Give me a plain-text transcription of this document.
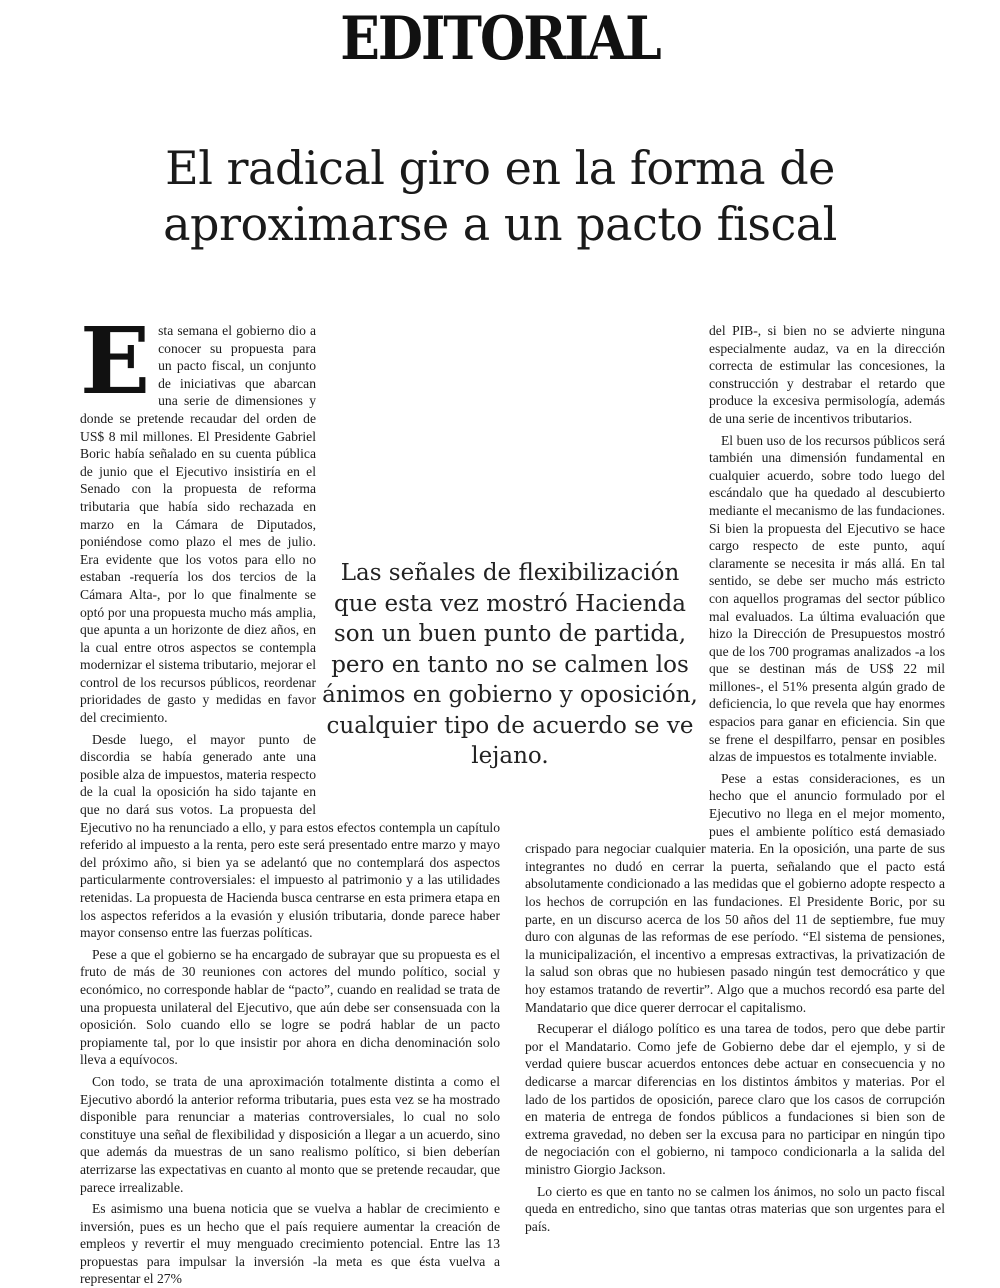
EDITORIAL
El radical giro en la forma de
aproximarse a un pacto fiscal
E sta semana el gobierno dio a conocer su propuesta para un pacto fiscal, un conjunto de iniciativas que abarcan una serie de dimensiones y donde se pretende recaudar del orden de US$ 8 mil millones. El Presidente Gabriel Boric había señalado en su cuenta pública de junio que el Ejecutivo insistiría en el Senado con la propuesta de reforma tributaria que había sido rechazada en marzo en la Cámara de Diputados, poniéndose como plazo el mes de julio. Era evidente que los votos para ello no estaban -requería los dos tercios de la Cámara Alta-, por lo que finalmente se optó por una propuesta mucho más amplia, que apunta a un horizonte de diez años, en la cual entre otros aspectos se contempla modernizar el sistema tributario, mejorar el control de los recursos públicos, reordenar prioridades de gasto y medidas en favor del crecimiento.

Desde luego, el mayor punto de discordia se había generado ante una posible alza de impuestos, materia respecto de la cual la oposición ha sido tajante en que no dará sus votos. La propuesta del Ejecutivo no ha renunciado a ello, y para estos efectos contempla un capítulo referido al impuesto a la renta, pero este será presentado entre marzo y mayo del próximo año, si bien ya se adelantó que no contemplará dos aspectos particularmente controversiales: el impuesto al patrimonio y a las utilidades retenidas. La propuesta de Hacienda busca centrarse en esta primera etapa en los aspectos referidos a la evasión y elusión tributaria, donde parece haber mayor consenso entre las fuerzas políticas.

Pese a que el gobierno se ha encargado de subrayar que su propuesta es el fruto de más de 30 reuniones con actores del mundo político, social y económico, no corresponde hablar de “pacto”, cuando en realidad se trata de una propuesta unilateral del Ejecutivo, que aún debe ser consensuada con la oposición. Solo cuando ello se logre se podrá hablar de un pacto propiamente tal, por lo que insistir por ahora en dicha denominación solo lleva a equívocos.

Con todo, se trata de una aproximación totalmente distinta a como el Ejecutivo abordó la anterior reforma tributaria, pues esta vez se ha mostrado disponible para renunciar a materias controversiales, lo cual no solo constituye una señal de flexibilidad y disposición a llegar a un acuerdo, sino que además da muestras de un sano realismo político, si bien deberían aterrizarse las expectativas en cuanto al monto que se pretende recaudar, que parece irrealizable.

Es asimismo una buena noticia que se vuelva a hablar de crecimiento e inversión, pues es un hecho que el país requiere aumentar la creación de empleos y revertir el muy menguado crecimiento potencial. Entre las 13 propuestas para impulsar la inversión -la meta es que ésta vuelva a representar el 27%

del PIB-, si bien no se advierte ninguna especialmente audaz, va en la dirección correcta de estimular las concesiones, la construcción y destrabar el retardo que produce la excesiva permisología, además de una serie de incentivos tributarios.

El buen uso de los recursos públicos será también una dimensión fundamental en cualquier acuerdo, sobre todo luego del escándalo que ha quedado al descubierto mediante el mecanismo de las fundaciones. Si bien la propuesta del Ejecutivo se hace cargo respecto de este punto, aquí claramente se necesita ir más allá. En tal sentido, se debe ser mucho más estricto con aquellos programas del sector público mal evaluados. La última evaluación que hizo la Dirección de Presupuestos mostró que de los 700 programas analizados -a los que se destinan más de US$ 22 mil millones-, el 51% presenta algún grado de deficiencia, lo que revela que hay enormes espacios para ganar en eficiencia. Sin que se frene el despilfarro, pensar en posibles alzas de impuestos es totalmente inviable.

Pese a estas consideraciones, es un hecho que el anuncio formulado por el Ejecutivo no llega en el mejor momento, pues el ambiente político está demasiado crispado para negociar cualquier materia. En la oposición, una parte de sus integrantes no dudó en cerrar la puerta, señalando que el pacto está absolutamente condicionado a las medidas que el gobierno adopte respecto a los hechos de corrupción en las fundaciones. El Presidente Boric, por su parte, en un discurso acerca de los 50 años del 11 de septiembre, fue muy duro con algunas de las reformas de ese período. “El sistema de pensiones, la municipalización, el incentivo a empresas extractivas, la privatización de la salud son obras que no hubiesen pasado ningún test democrático y que hoy estamos tratando de revertir”. Algo que a muchos recordó esa parte del Mandatario que dice querer derrocar el capitalismo.

Recuperar el diálogo político es una tarea de todos, pero que debe partir por el Mandatario. Como jefe de Gobierno debe dar el ejemplo, y si de verdad quiere buscar acuerdos entonces debe actuar en consecuencia y no dedicarse a marcar diferencias en los distintos ámbitos y materias. Por el lado de los partidos de oposición, parece claro que los casos de corrupción en materia de entrega de fondos públicos a fundaciones si bien son de extrema gravedad, no deben ser la excusa para no participar en ningún tipo de negociación con el gobierno, ni tampoco condicionarla a la salida del ministro Giorgio Jackson.

Lo cierto es que en tanto no se calmen los ánimos, no solo un pacto fiscal queda en entredicho, sino que tantas otras materias que son urgentes para el país.

Las señales de flexibilización que esta vez mostró Hacienda son un buen punto de partida, pero en tanto no se calmen los ánimos en gobierno y oposición, cualquier tipo de acuerdo se ve lejano.
